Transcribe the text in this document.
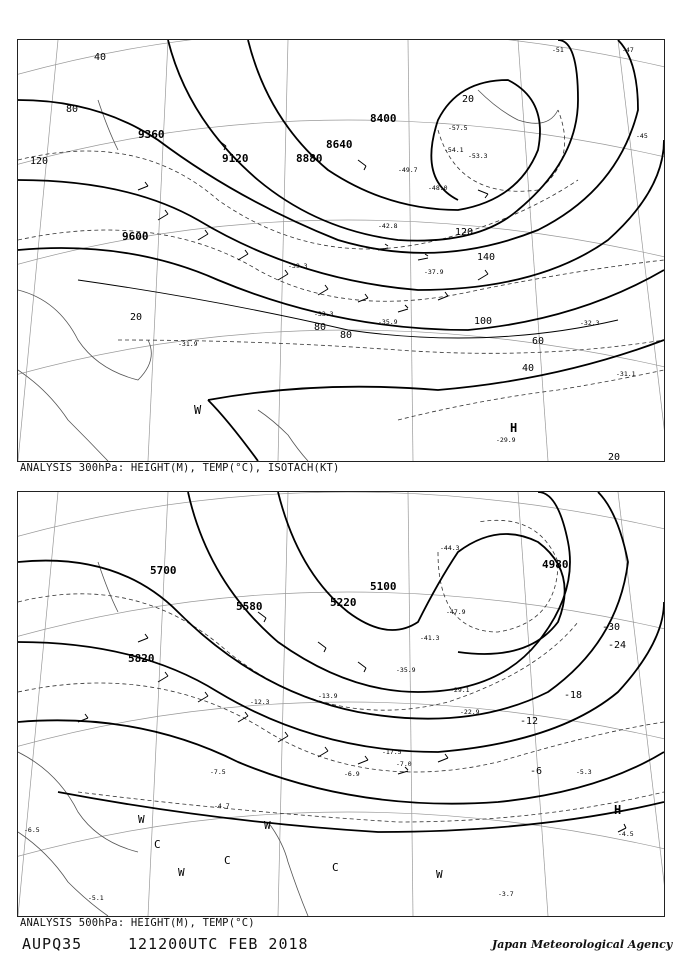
9360
9120	8880
8640
8400
9600
40
80
20
80
120
140
100
80
60
40
20
20
120
-54.1
-57.5
-53.3
-49.7
-48.0
-42.8
-39.3
-33.3
-35.9
-37.9
-32.3
-31.9
-29.9
-31.1
-45
-51	-47
W
H
ANALYSIS 300hPa: HEIGHT(M), TEMP(°C), ISOTACH(KT)
5700
5580	5220
5820
4980
5100
-30
-24
-18
-12
-6
-44.3
-47.9
-41.3
-35.9
-29.1
-22.9
-17.5
-12.3
-7.5	-6.9
-4.7
-5.3
-4.5
-3.7
-7.0
-6.5
-5.1
-13.9
W
C
W
C
W
C
W
H
ANALYSIS 500hPa: HEIGHT(M), TEMP(°C)
AUPQ35	121200UTC FEB 2018	Japan Meteorological Agency
